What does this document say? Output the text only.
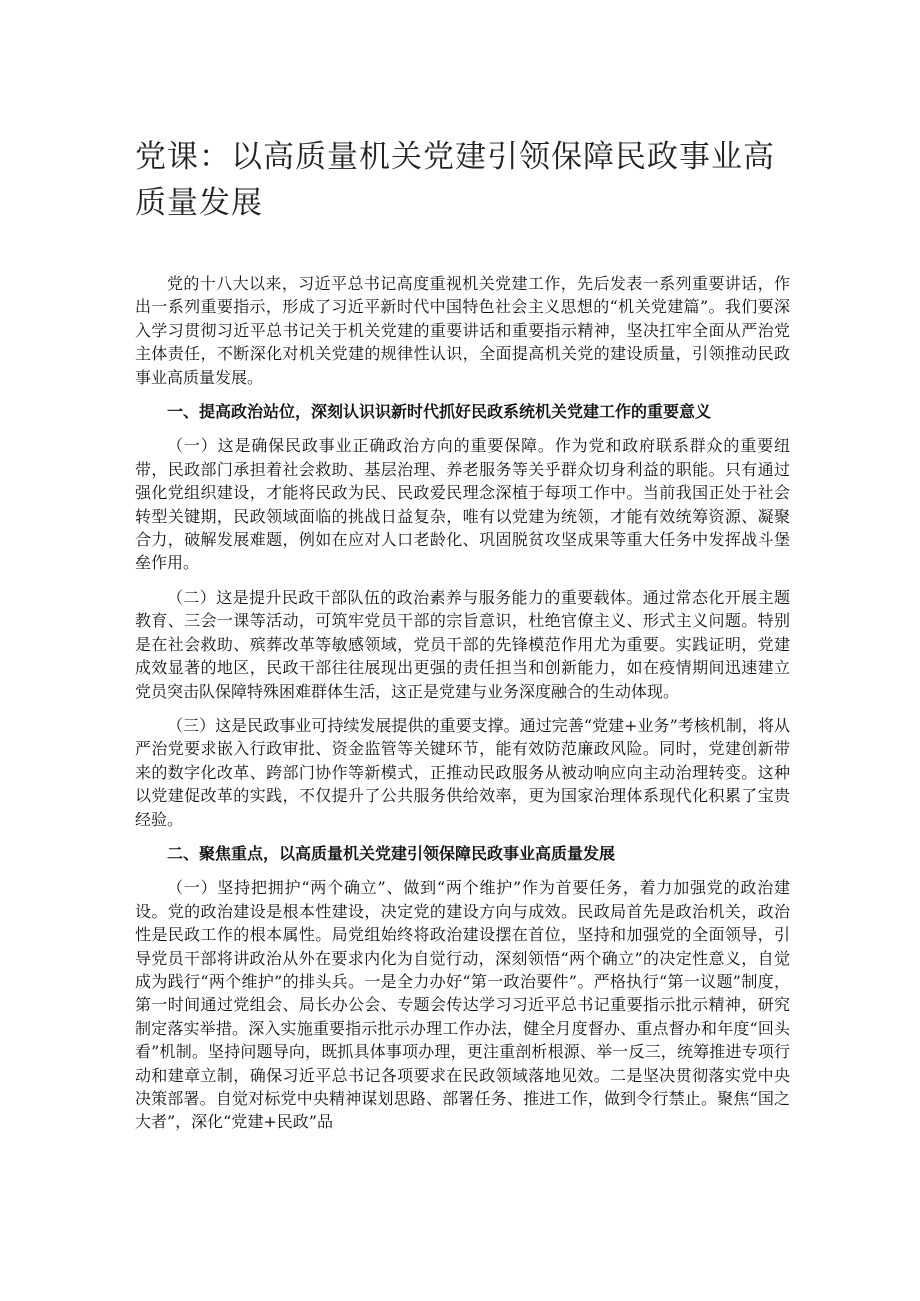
党课：以高质量机关党建引领保障民政事业高质量发展

党的十八大以来，习近平总书记高度重视机关党建工作，先后发表一系列重要讲话，作出一系列重要指示，形成了习近平新时代中国特色社会主义思想的“机关党建篇”。我们要深入学习贯彻习近平总书记关于机关党建的重要讲话和重要指示精神，坚决扛牢全面从严治党主体责任，不断深化对机关党建的规律性认识，全面提高机关党的建设质量，引领推动民政事业高质量发展。

一、提高政治站位，深刻认识识新时代抓好民政系统机关党建工作的重要意义

（一）这是确保民政事业正确政治方向的重要保障。作为党和政府联系群众的重要纽带，民政部门承担着社会救助、基层治理、养老服务等关乎群众切身利益的职能。只有通过强化党组织建设，才能将民政为民、民政爱民理念深植于每项工作中。当前我国正处于社会转型关键期，民政领域面临的挑战日益复杂，唯有以党建为统领，才能有效统筹资源、凝聚合力，破解发展难题，例如在应对人口老龄化、巩固脱贫攻坚成果等重大任务中发挥战斗堡垒作用。

（二）这是提升民政干部队伍的政治素养与服务能力的重要载体。通过常态化开展主题教育、三会一课等活动，可筑牢党员干部的宗旨意识，杜绝官僚主义、形式主义问题。特别是在社会救助、殡葬改革等敏感领域，党员干部的先锋模范作用尤为重要。实践证明，党建成效显著的地区，民政干部往往展现出更强的责任担当和创新能力，如在疫情期间迅速建立党员突击队保障特殊困难群体生活，这正是党建与业务深度融合的生动体现。

（三）这是民政事业可持续发展提供的重要支撑。通过完善“党建+业务”考核机制，将从严治党要求嵌入行政审批、资金监管等关键环节，能有效防范廉政风险。同时，党建创新带来的数字化改革、跨部门协作等新模式，正推动民政服务从被动响应向主动治理转变。这种以党建促改革的实践，不仅提升了公共服务供给效率，更为国家治理体系现代化积累了宝贵经验。

二、聚焦重点，以高质量机关党建引领保障民政事业高质量发展

（一）坚持把拥护“两个确立”、做到“两个维护”作为首要任务，着力加强党的政治建设。党的政治建设是根本性建设，决定党的建设方向与成效。民政局首先是政治机关，政治性是民政工作的根本属性。局党组始终将政治建设摆在首位，坚持和加强党的全面领导，引导党员干部将讲政治从外在要求内化为自觉行动，深刻领悟“两个确立”的决定性意义，自觉成为践行“两个维护”的排头兵。一是全力办好“第一政治要件”。严格执行“第一议题”制度，第一时间通过党组会、局长办公会、专题会传达学习习近平总书记重要指示批示精神，研究制定落实举措。深入实施重要指示批示办理工作办法，健全月度督办、重点督办和年度“回头看”机制。坚持问题导向，既抓具体事项办理，更注重剖析根源、举一反三，统筹推进专项行动和建章立制，确保习近平总书记各项要求在民政领域落地见效。二是坚决贯彻落实党中央决策部署。自觉对标党中央精神谋划思路、部署任务、推进工作，做到令行禁止。聚焦“国之大者”，深化“党建+民政”品
